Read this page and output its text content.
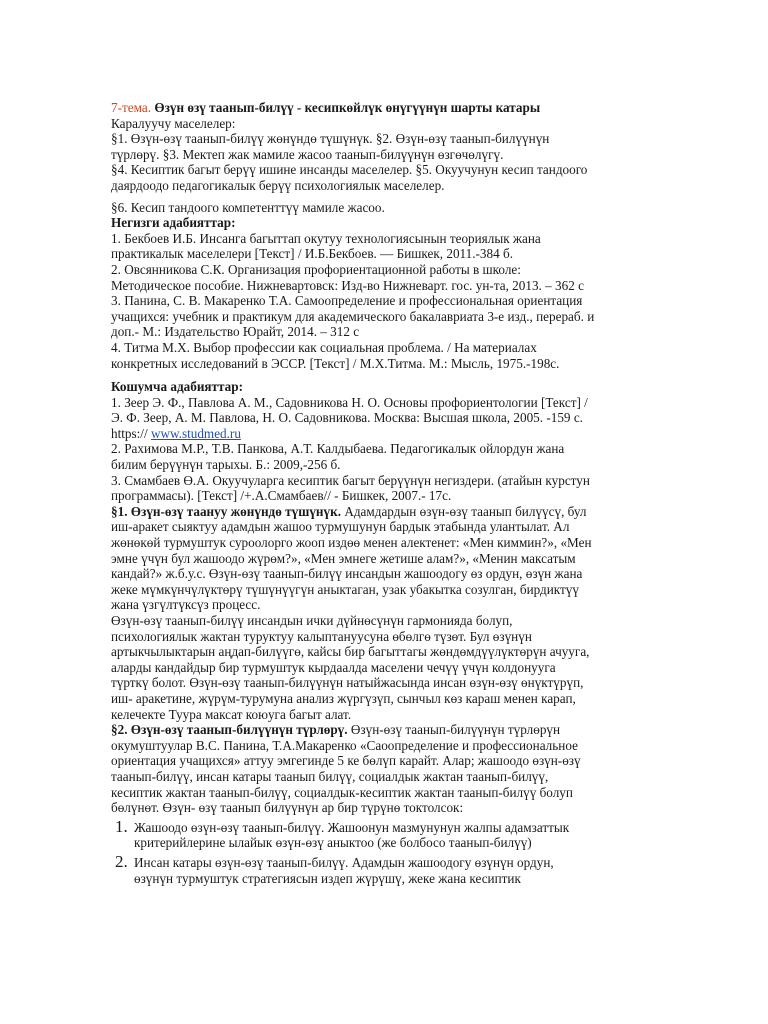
7-тема. Өзүн өзү таанып-билүү - кесипкөйлүк өнүгүүнүн шарты катары

Каралуучу маселелер:

§1. Өзүн-өзү таанып-билүү жөнүндө түшүнүк. §2. Өзүн-өзү таанып-билүүнүн түрлөрү. §3. Мектеп жак мамиле жасоо таанып-билүүнүн өзгөчөлүгү.

§4. Кесиптик багыт берүү ишине инсанды маселелер. §5. Окуучунун кесип тандоого даярдоодо педагогикалык берүү психологиялык маселелер.

§6. Кесип тандоого компетенттүү мамиле жасоо.

Негизги адабияттар:

1. Бекбоев И.Б. Инсанга багыттап окутуу технологиясынын теориялык жана практикалык маселелери [Текст] / И.Б.Бекбоев. — Бишкек, 2011.-384 б.

2. Овсянникова С.К. Организация профориентационной работы в школе: Методическое пособие. Нижневартовск: Изд-во Нижневарт. гос. ун-та, 2013. – 362 с

3. Панина, С. В. Макаренко Т.А. Самоопределение и профессиональная ориентация учащихся: учебник и практикум для академического бакалавриата 3-е изд., перераб. и доп.- М.: Издательство Юрайт, 2014. – 312 с

4. Титма М.Х. Выбор профессии как социальная проблема. / На материалах конкретных исследований в ЭССР. [Текст] / М.Х.Титма. М.: Мысль, 1975.-198с.

Кошумча адабияттар:

1. Зеер Э. Ф., Павлова А. М., Садовникова Н. О. Основы профориентологии [Текст] / Э. Ф. Зеер, А. М. Павлова, Н. О. Садовникова. Москва: Высшая школа, 2005. -159 с. https:// www.studmed.ru

2. Рахимова М.Р., Т.В. Панкова, А.Т. Калдыбаева. Педагогикалык ойлордун жана билим берүүнүн тарыхы. Б.: 2009,-256 б.

3. Смамбаев Ө.А. Окуучуларга кесиптик багыт берүүнүн негиздери. (атайын курстун программасы). [Текст] /+.А.Смамбаев// - Бишкек, 2007.- 17с.

§1. Өзүн-өзү таануу жөнүндө түшүнүк. Адамдардын өзүн-өзү таанып билүүсү, бул иш-аракет сыяктуу адамдын жашоо турмушунун бардык этабында улантылат. Ал жөнөкөй турмуштук суроолорго жооп издөө менен алектенет: «Мен киммин?», «Мен эмне үчүн бул жашоодо жүрөм?», «Мен эмнеге жетише алам?», «Менин максатым кандай?» ж.б.у.с. Өзүн-өзү таанып-билүү инсандын жашоодогу өз ордун, өзүн жана жеке мүмкүнчүлүктөрү түшүнүүгүн аныктаган, узак убакытка созулган, бирдиктүү жана үзгүлтүксүз процесс.

Өзүн-өзү таанып-билүү инсандын ички дүйнөсүнүн гармонияда болуп, психологиялык жактан туруктуу калыптануусуна өбөлгө түзөт. Бул өзүнүн артыкчылыктарын аңдап-билүүгө, кайсы бир багыттагы жөндөмдүүлүктөрүн ачууга, аларды кандайдыр бир турмуштук кырдаалда маселени чечүү үчүн колдонууга түрткү болот. Өзүн-өзү таанып-билүүнүн натыйжасында инсан өзүн-өзү өнүктүрүп, иш- аракетине, жүрүм-турумуна анализ жүргүзүп, сынчыл көз караш менен карап, келечекте Туура максат коюуга багыт алат.

§2. Өзүн-өзү таанып-билүүнүн түрлөрү. Өзүн-өзү таанып-билүүнүн түрлөрүн окумуштуулар В.С. Панина, Т.А.Макаренко «Саоопределение и профессиональное ориентация учащихся» аттуу эмгегинде 5 ке бөлүп карайт. Алар; жашоодо өзүн-өзү таанып-билүү, инсан катары таанып билүү, социалдык жактан таанып-билүү, кесиптик жактан таанып-билүү, социалдык-кесиптик жактан таанып-билүү болуп бөлүнөт. Өзүн- өзү таанып билүүнүн ар бир түрүнө токтолсок:

1. Жашоодо өзүн-өзү таанып-билүү. Жашоонун мазмунунун жалпы адамзаттык критерийлерине ылайык өзүн-өзү аныктоо (же болбосо таанып-билүү)

2. Инсан катары өзүн-өзү таанып-билүү. Адамдын жашоодогу өзүнүн ордун, өзүнүн турмуштук стратегиясын издеп жүрүшү, жеке жана кесиптик
